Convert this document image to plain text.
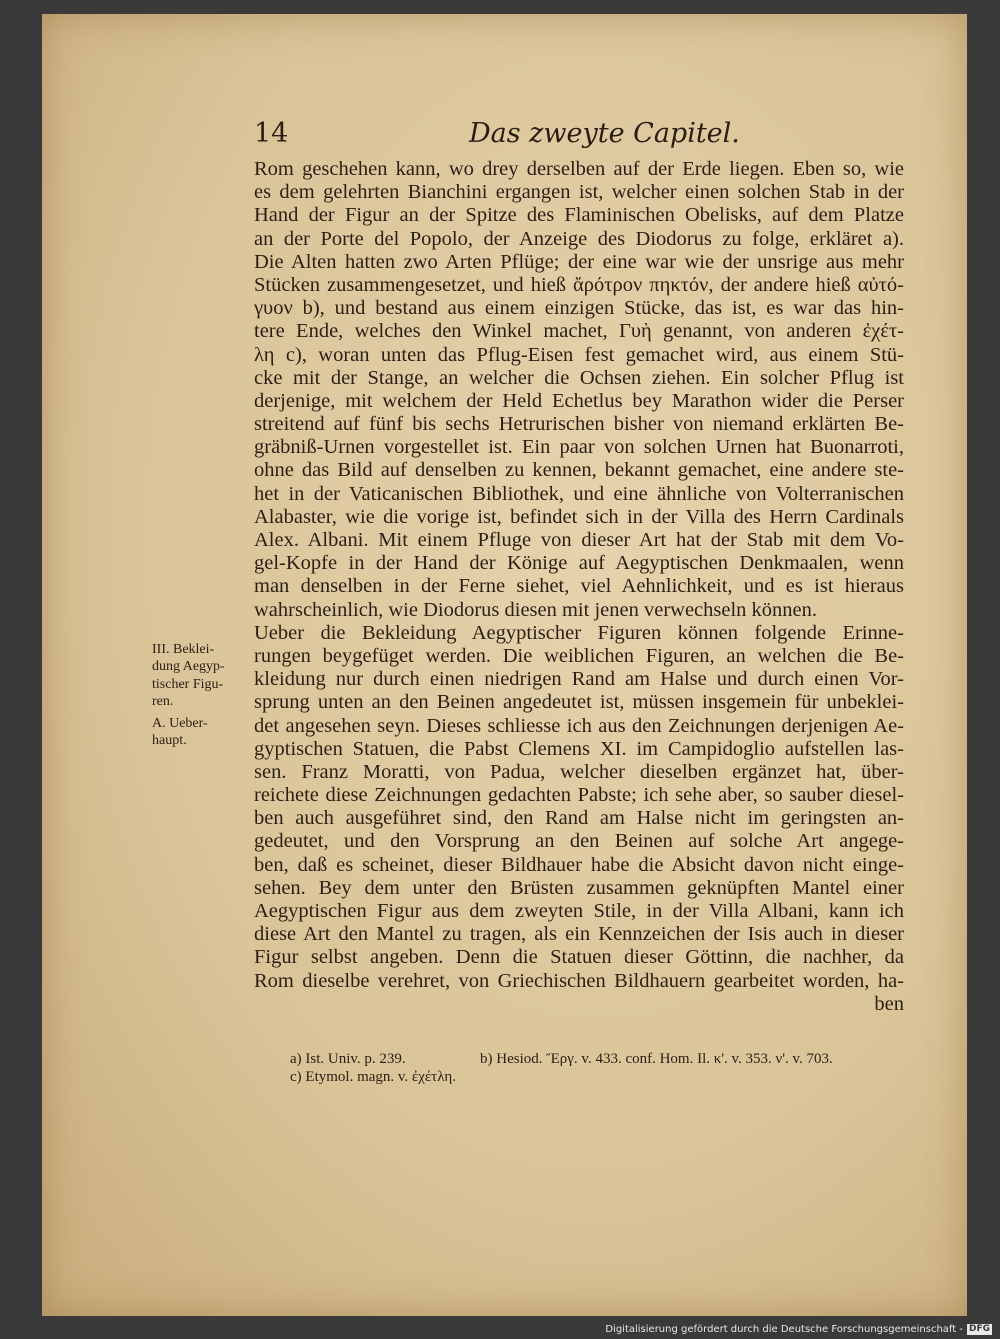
14	Das zweyte Capitel.
Rom geschehen kann, wo drey derselben auf der Erde liegen. Eben so, wie
es dem gelehrten Bianchini ergangen ist, welcher einen solchen Stab in der
Hand der Figur an der Spitze des Flaminischen Obelisks, auf dem Platze
an der Porte del Popolo, der Anzeige des Diodorus zu folge, erkläret a).
Die Alten hatten zwo Arten Pflüge; der eine war wie der unsrige aus mehr
Stücken zusammengesetzet, und hieß ἄρότρον πηκτόν, der andere hieß αὐτό-
γυον b), und bestand aus einem einzigen Stücke, das ist, es war das hin-
tere Ende, welches den Winkel machet, Γυὴ genannt, von anderen ἐχέτ-
λη c), woran unten das Pflug-Eisen fest gemachet wird, aus einem Stü-
cke mit der Stange, an welcher die Ochsen ziehen. Ein solcher Pflug ist
derjenige, mit welchem der Held Echetlus bey Marathon wider die Perser
streitend auf fünf bis sechs Hetrurischen bisher von niemand erklärten Be-
gräbniß-Urnen vorgestellet ist. Ein paar von solchen Urnen hat Buonarroti,
ohne das Bild auf denselben zu kennen, bekannt gemachet, eine andere ste-
het in der Vaticanischen Bibliothek, und eine ähnliche von Volterranischen
Alabaster, wie die vorige ist, befindet sich in der Villa des Herrn Cardinals
Alex. Albani. Mit einem Pfluge von dieser Art hat der Stab mit dem Vo-
gel-Kopfe in der Hand der Könige auf Aegyptischen Denkmaalen, wenn
man denselben in der Ferne siehet, viel Aehnlichkeit, und es ist hieraus
wahrscheinlich, wie Diodorus diesen mit jenen verwechseln können.
Ueber die Bekleidung Aegyptischer Figuren können folgende Erinne-
rungen beygefüget werden. Die weiblichen Figuren, an welchen die Be-
kleidung nur durch einen niedrigen Rand am Halse und durch einen Vor-
sprung unten an den Beinen angedeutet ist, müssen insgemein für unbeklei-
det angesehen seyn. Dieses schliesse ich aus den Zeichnungen derjenigen Ae-
gyptischen Statuen, die Pabst Clemens XI. im Campidoglio aufstellen las-
sen. Franz Moratti, von Padua, welcher dieselben ergänzet hat, über-
reichete diese Zeichnungen gedachten Pabste; ich sehe aber, so sauber diesel-
ben auch ausgeführet sind, den Rand am Halse nicht im geringsten an-
gedeutet, und den Vorsprung an den Beinen auf solche Art angege-
ben, daß es scheinet, dieser Bildhauer habe die Absicht davon nicht einge-
sehen. Bey dem unter den Brüsten zusammen geknüpften Mantel einer
Aegyptischen Figur aus dem zweyten Stile, in der Villa Albani, kann ich
diese Art den Mantel zu tragen, als ein Kennzeichen der Isis auch in dieser
Figur selbst angeben. Denn die Statuen dieser Göttinn, die nachher, da
Rom dieselbe verehret, von Griechischen Bildhauern gearbeitet worden, ha-
ben
III. Beklei-
dung Aegyp-
tischer Figu-
ren.
A. Ueber-
haupt.
a) Ist. Univ. p. 239.	b) Hesiod. Ἔργ. v. 433. conf. Hom. Il. κ'. v. 353. ν'. v. 703.
c) Etymol. magn. v. ἐχέτλη.
Digitalisierung gefördert durch die Deutsche Forschungsgemeinschaft - DFG
